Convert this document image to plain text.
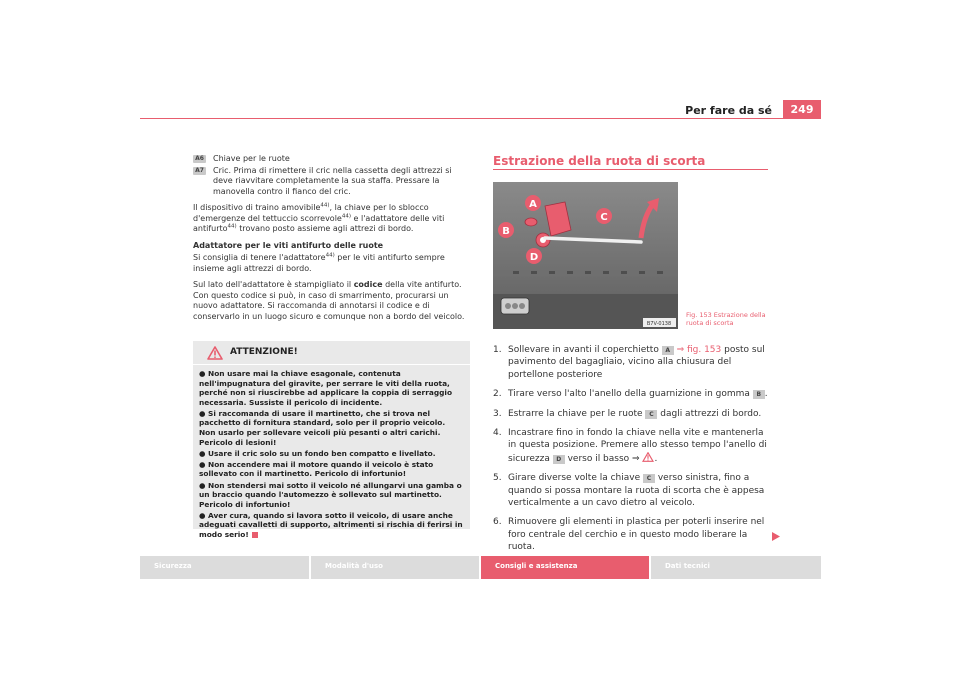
Per fare da sé	249
A6 Chiave per le ruote
A7 Cric. Prima di rimettere il cric nella cassetta degli attrezzi si deve riavvitare completamente la sua staffa. Pressare la manovella contro il fianco del cric.

Il dispositivo di traino amovibile$^{44)}$, la chiave per lo sblocco d'emergenze del tettuccio scorrevole$^{44)}$ e l'adattatore delle viti antifurto$^{44)}$ trovano posto assieme agli attrezi di bordo.

Adattatore per le viti antifurto delle ruote

Si consiglia di tenere l'adattatore$^{44)}$ per le viti antifurto sempre insieme agli attrezzi di bordo.

Sul lato dell'adattatore è stampigliato il codice della vite antifurto. Con questo codice si può, in caso di smarrimento, procurarsi un nuovo adattatore. Si raccomanda di annotarsi il codice e di conservarlo in un luogo sicuro e comunque non a bordo del veicolo.

ATTENZIONE!
● Non usare mai la chiave esagonale, contenuta nell'impugnatura del giravite, per serrare le viti della ruota, perché non si riuscirebbe ad applicare la coppia di serraggio necessaria. Sussiste il pericolo di incidente.
● Si raccomanda di usare il martinetto, che si trova nel pacchetto di fornitura standard, solo per il proprio veicolo. Non usarlo per sollevare veicoli più pesanti o altri carichi. Pericolo di lesioni!
● Usare il cric solo su un fondo ben compatto e livellato.
● Non accendere mai il motore quando il veicolo è stato sollevato con il martinetto. Pericolo di infortunio!
● Non stendersi mai sotto il veicolo né allungarvi una gamba o un braccio quando l'automezzo è sollevato sul martinetto. Pericolo di infortunio!
● Aver cura, quando si lavora sotto il veicolo, di usare anche adeguati cavalletti di supporto, altrimenti si rischia di ferirsi in modo serio!
Estrazione della ruota di scorta
A
B
C
D
B7V-0138
Fig. 153 Estrazione della ruota di scorta
1. Sollevare in avanti il coperchietto A ⇒ fig. 153 posto sul pavimento del bagagliaio, vicino alla chiusura del portellone posteriore
2. Tirare verso l'alto l'anello della guarnizione in gomma B .
3. Estrarre la chiave per le ruote C dagli attrezzi di bordo.
4. Incastrare fino in fondo la chiave nella vite e mantenerla in questa posizione. Premere allo stesso tempo l'anello di sicurezza D verso il basso ⇒ .
5. Girare diverse volte la chiave C verso sinistra, fino a quando si possa montare la ruota di scorta che è appesa verticalmente a un cavo dietro al veicolo.
6. Rimuovere gli elementi in plastica per poterli inserire nel foro centrale del cerchio e in questo modo liberare la ruota.
Sicurezza	Modalità d'uso	Consigli e assistenza	Dati tecnici
